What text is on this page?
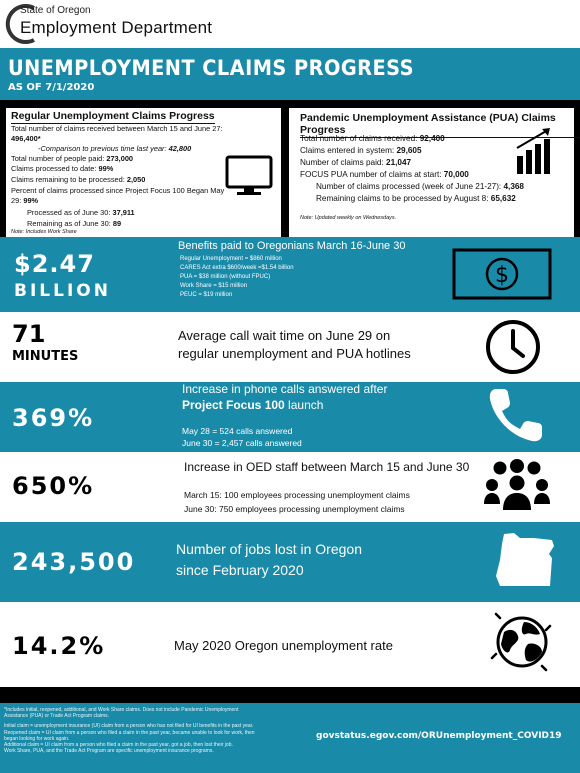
State of Oregon
Employment Department
UNEMPLOYMENT CLAIMS PROGRESS
AS OF 7/1/2020
Regular Unemployment Claims Progress
Total number of claims received between March 15 and June 27:
496,400*
-Comparison to previous time last year: 42,800
Total number of people paid: 273,000
Claims processed to date: 99%
Claims remaining to be processed: 2,050
Percent of claims processed since Project Focus 100 Began May
29: 99%
Processed as of June 30: 37,911
Remaining as of June 30: 89
Note: Includes Work Share
Pandemic Unemployment Assistance (PUA) Claims Progress
Total number of claims received: 92,400
Claims entered in system: 29,605
Number of claims paid: 21,047
FOCUS PUA number of claims at start: 70,000
Number of claims processed (week of June 21-27): 4,368
Remaining claims to be processed by August 8: 65,632
Note: Updated weekly on Wednesdays.
$2.47
BILLION
Benefits paid to Oregonians March 16-June 30
Regular Unemployment = $860 million
CARES Act extra $600/week =$1.54 billion
PUA = $38 million (without FPUC)
Work Share = $15 million
PEUC = $19 million
$
71
MINUTES
Average call wait time on June 29 on
regular unemployment and PUA hotlines
369%
Increase in phone calls answered after
Project Focus 100 launch
May 28 = 524 calls answered
June 30 = 2,457 calls answered
650%
Increase in OED staff between March 15 and June 30
March 15: 100 employees processing unemployment claims
June 30: 750 employees processing unemployment claims
243,500	Number of jobs lost in Oregon
since February 2020
14.2%	May 2020 Oregon unemployment rate
*Includes initial, reopened, additional, and Work Share claims. Does not include Pandemic Unemployment
Assistance (PUA) or Trade Act Program claims.
Initial claim = unemployment insurance (UI) claim from a person who has not filed for UI benefits in the past year.
Reopened claim = UI claim from a person who filed a claim in the past year, became unable to look for work, then
began looking for work again.
Additional claim = UI claim from a person who filed a claim in the past year, got a job, then lost their job.
Work Share, PUA, and the Trade Act Program are specific unemployment insurance programs.
govstatus.egov.com/ORUnemployment_COVID19
